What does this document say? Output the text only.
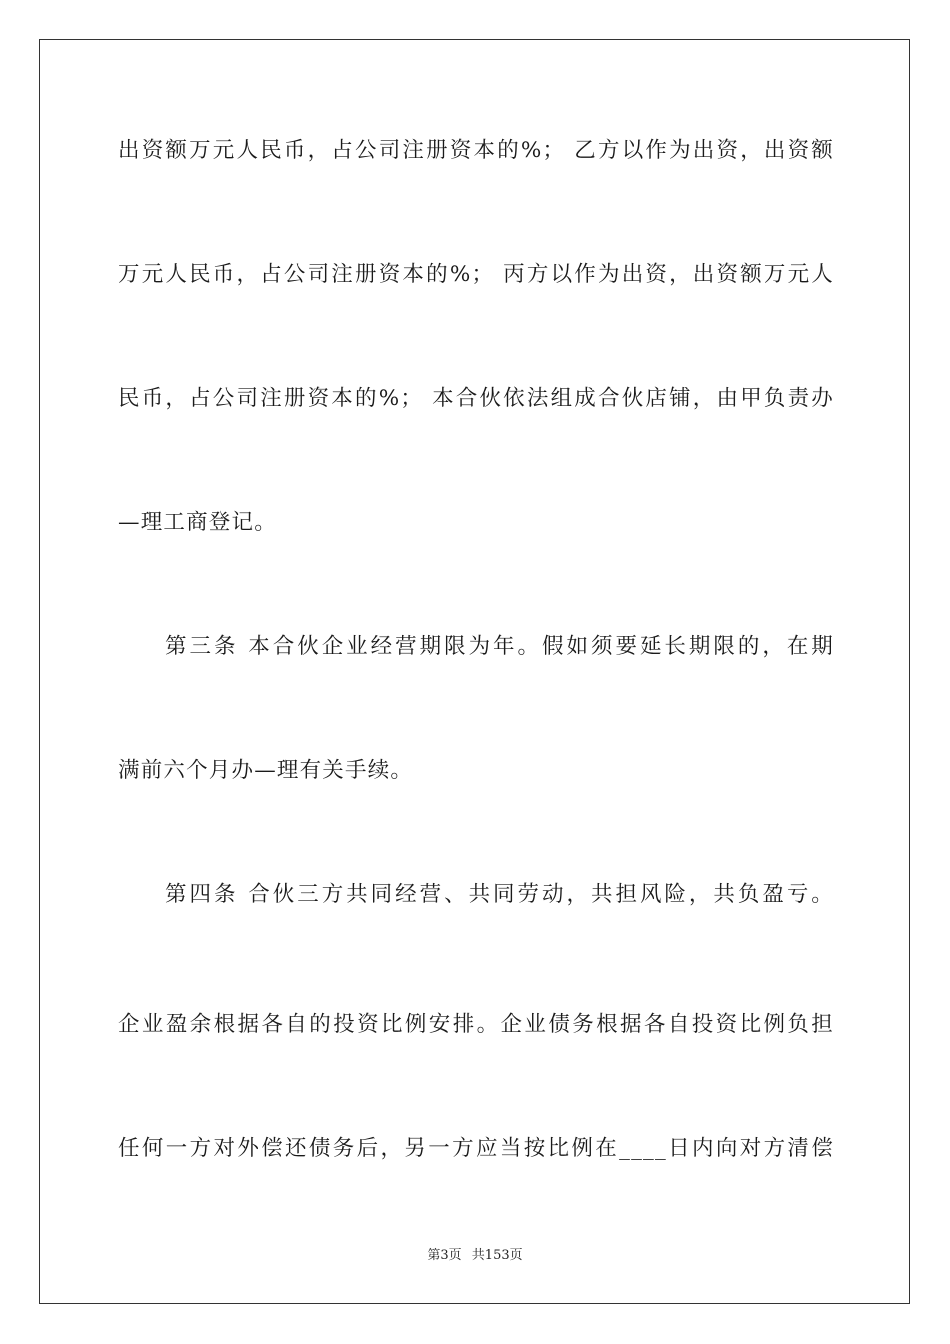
出资额万元人民币，占公司注册资本的%； 乙方以作为出资，出资额
万元人民币，占公司注册资本的%； 丙方以作为出资，出资额万元人
民币，占公司注册资本的%； 本合伙依法组成合伙店铺，由甲负责办
—理工商登记。
第三条 本合伙企业经营期限为年。假如须要延长期限的，在期
满前六个月办—理有关手续。
第四条 合伙三方共同经营、共同劳动，共担风险，共负盈亏。
企业盈余根据各自的投资比例安排。企业债务根据各自投资比例负担
任何一方对外偿还债务后，另一方应当按比例在____日内向对方清偿
第3页 共153页
